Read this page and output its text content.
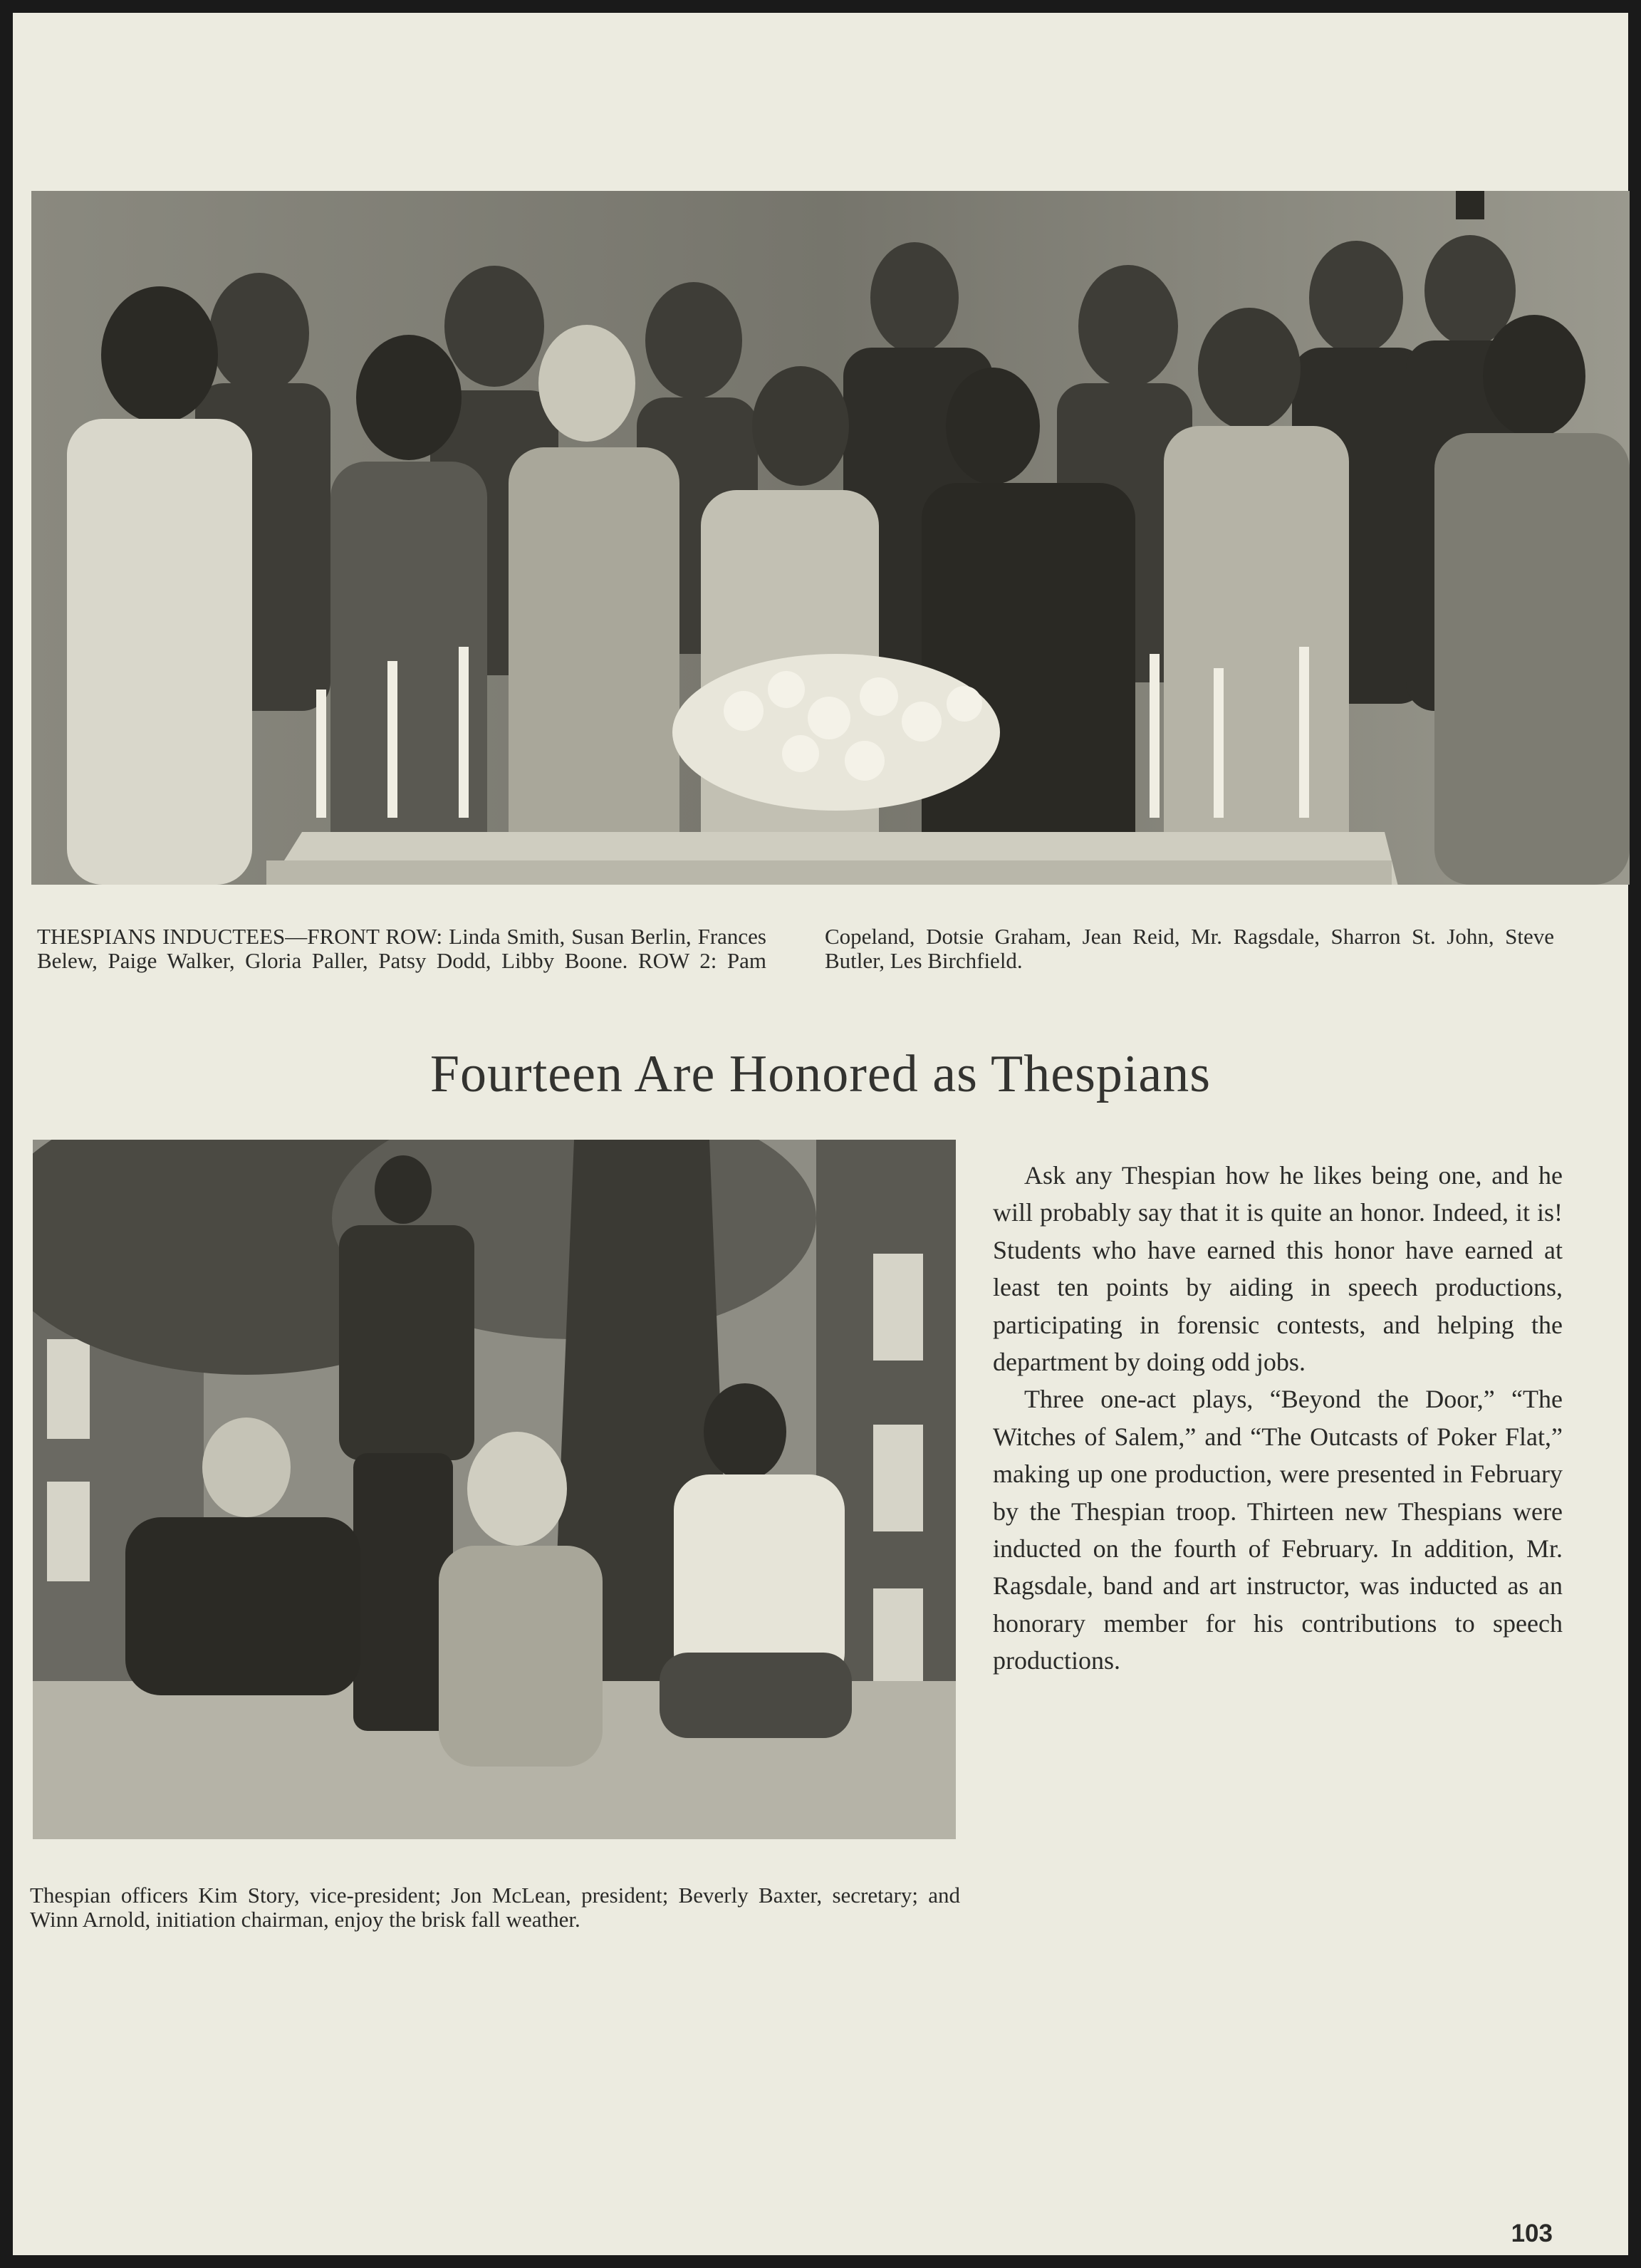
THESPIANS INDUCTEES—FRONT ROW: Linda Smith, Susan Berlin, Frances Belew, Paige Walker, Gloria Paller, Patsy Dodd, Libby Boone. ROW 2: Pam Copeland, Dotsie Graham, Jean Reid, Mr. Ragsdale, Sharron St. John, Steve Butler, Les Birchfield.
Fourteen Are Honored as Thespians
Thespian officers Kim Story, vice-president; Jon McLean, president; Beverly Baxter, secretary; and Winn Arnold, initiation chairman, enjoy the brisk fall weather.

Ask any Thespian how he likes being one, and he will probably say that it is quite an honor. Indeed, it is! Students who have earned this honor have earned at least ten points by aiding in speech productions, participating in forensic contests, and helping the department by doing odd jobs.

Three one-act plays, “Beyond the Door,” “The Witches of Salem,” and “The Outcasts of Poker Flat,” making up one production, were presented in February by the Thespian troop. Thirteen new Thespians were inducted on the fourth of February. In addition, Mr. Ragsdale, band and art instructor, was inducted as an honorary member for his contributions to speech productions.

103
